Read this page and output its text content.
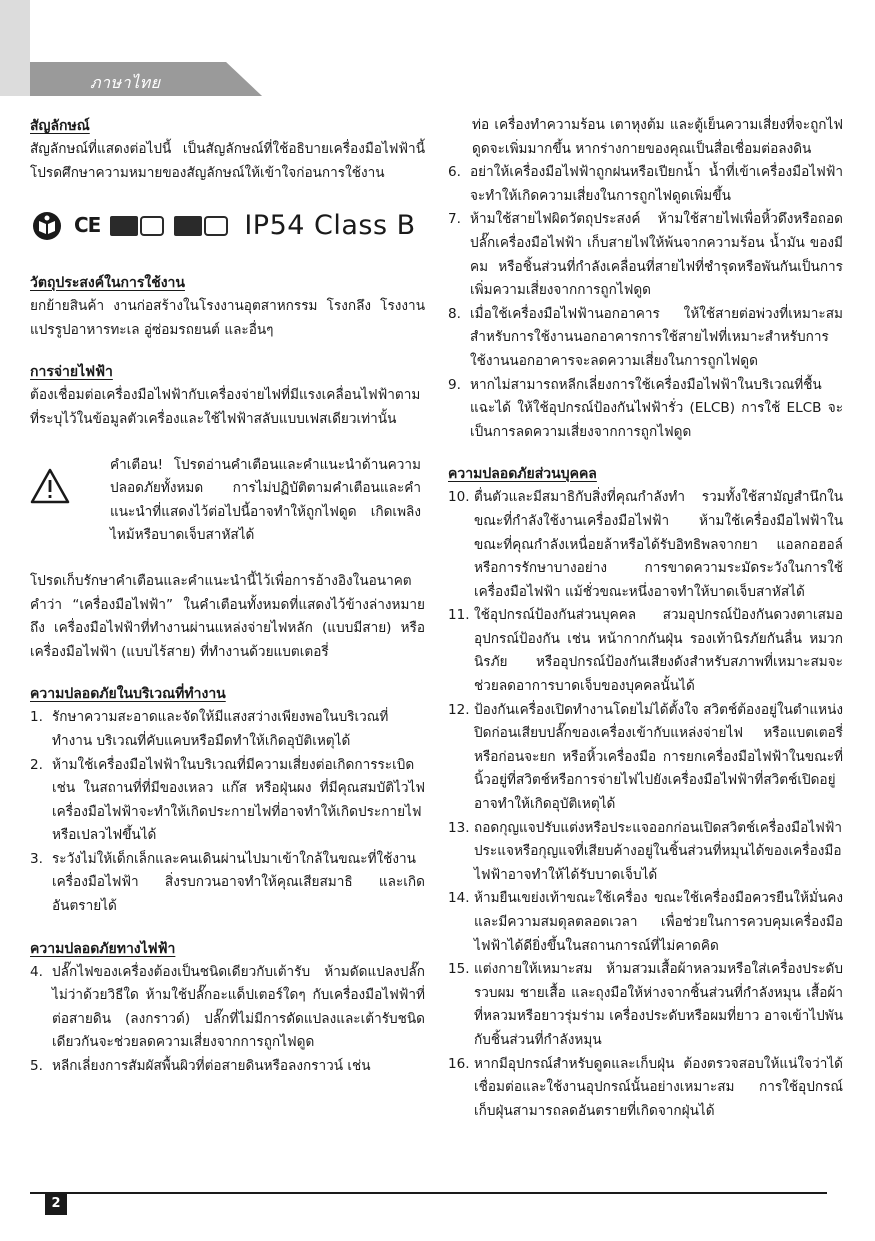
ภาษาไทย
สัญลักษณ์

สัญลักษณ์ที่แสดงต่อไปนี้ เป็นสัญลักษณ์ที่ใช้อธิบายเครื่องมือไฟฟ้านี้ โปรดศึกษาความหมายของสัญลักษณ์ให้เข้าใจก่อนการใช้งาน

CE	IP54 Class B
วัตถุประสงค์ในการใช้งาน

ยกย้ายสินค้า งานก่อสร้างในโรงงานอุตสาหกรรม โรงกลึง โรงงานแปรรูปอาหารทะเล อู่ซ่อมรถยนต์ และอื่นๆ

การจ่ายไฟฟ้า

ต้องเชื่อมต่อเครื่องมือไฟฟ้ากับเครื่องจ่ายไฟที่มีแรงเคลื่อนไฟฟ้าตามที่ระบุไว้ในข้อมูลตัวเครื่องและใช้ไฟฟ้าสลับแบบเฟสเดียวเท่านั้น

คำเตือน! โปรดอ่านคำเตือนและคำแนะนำด้านความปลอดภัยทั้งหมด การไม่ปฏิบัติตามคำเตือนและคำแนะนำที่แสดงไว้ต่อไปนี้อาจทำให้ถูกไฟดูด เกิดเพลิงไหม้หรือบาดเจ็บสาหัสได้

โปรดเก็บรักษาคำเตือนและคำแนะนำนี้ไว้เพื่อการอ้างอิงในอนาคต คำว่า “เครื่องมือไฟฟ้า” ในคำเตือนทั้งหมดที่แสดงไว้ข้างล่างหมายถึง เครื่องมือไฟฟ้าที่ทำงานผ่านแหล่งจ่ายไฟหลัก (แบบมีสาย) หรือเครื่องมือไฟฟ้า (แบบไร้สาย) ที่ทำงานด้วยแบตเตอรี่

ความปลอดภัยในบริเวณที่ทำงาน
1. รักษาความสะอาดและจัดให้มีแสงสว่างเพียงพอในบริเวณที่ทำงาน บริเวณที่คับแคบหรือมืดทำให้เกิดอุบัติเหตุได้
2. ห้ามใช้เครื่องมือไฟฟ้าในบริเวณที่มีความเสี่ยงต่อเกิดการระเบิด เช่น ในสถานที่ที่มีของเหลว แก๊ส หรือฝุ่นผง ที่มีคุณสมบัติไวไฟเครื่องมือไฟฟ้าจะทำให้เกิดประกายไฟที่อาจทำให้เกิดประกายไฟหรือเปลวไฟขึ้นได้
3. ระวังไม่ให้เด็กเล็กและคนเดินผ่านไปมาเข้าใกล้ในขณะที่ใช้งานเครื่องมือไฟฟ้า สิ่งรบกวนอาจทำให้คุณเสียสมาธิ และเกิดอันตรายได้
ความปลอดภัยทางไฟฟ้า
4. ปลั๊กไฟของเครื่องต้องเป็นชนิดเดียวกับเต้ารับ ห้ามดัดแปลงปลั๊กไม่ว่าด้วยวิธีใด ห้ามใช้ปลั๊กอะแด็ปเตอร์ใดๆ กับเครื่องมือไฟฟ้าที่ต่อสายดิน (ลงกราวด์) ปลั๊กที่ไม่มีการดัดแปลงและเต้ารับชนิดเดียวกันจะช่วยลดความเสี่ยงจากการถูกไฟดูด
5. หลีกเลี่ยงการสัมผัสพื้นผิวที่ต่อสายดินหรือลงกราวน์ เช่น

ท่อ เครื่องทำความร้อน เตาหุงต้ม และตู้เย็นความเสี่ยงที่จะถูกไฟดูดจะเพิ่มมากขึ้น หากร่างกายของคุณเป็นสื่อเชื่อมต่อลงดิน

6. อย่าให้เครื่องมือไฟฟ้าถูกฝนหรือเปียกน้ำ น้ำที่เข้าเครื่องมือไฟฟ้า จะทำให้เกิดความเสี่ยงในการถูกไฟดูดเพิ่มขึ้น
7. ห้ามใช้สายไฟผิดวัตถุประสงค์ ห้ามใช้สายไฟเพื่อหิ้วดึงหรือถอดปลั๊กเครื่องมือไฟฟ้า เก็บสายไฟให้พ้นจากความร้อน น้ำมัน ของมีคม หรือชิ้นส่วนที่กำลังเคลื่อนที่สายไฟที่ชำรุดหรือพันกันเป็นการเพิ่มความเสี่ยงจากการถูกไฟดูด
8. เมื่อใช้เครื่องมือไฟฟ้านอกอาคาร ให้ใช้สายต่อพ่วงที่เหมาะสมสำหรับการใช้งานนอกอาคารการใช้สายไฟที่เหมาะสำหรับการใช้งานนอกอาคารจะลดความเสี่ยงในการถูกไฟดูด
9. หากไม่สามารถหลีกเลี่ยงการใช้เครื่องมือไฟฟ้าในบริเวณที่ชื้นแฉะได้ ให้ใช้อุปกรณ์ป้องกันไฟฟ้ารั่ว (ELCB) การใช้ ELCB จะเป็นการลดความเสี่ยงจากการถูกไฟดูด
ความปลอดภัยส่วนบุคคล
10. ตื่นตัวและมีสมาธิกับสิ่งที่คุณกำลังทำ รวมทั้งใช้สามัญสำนึกในขณะที่กำลังใช้งานเครื่องมือไฟฟ้า ห้ามใช้เครื่องมือไฟฟ้าในขณะที่คุณกำลังเหนื่อยล้าหรือได้รับอิทธิพลจากยา แอลกอฮอล์ หรือการรักษาบางอย่าง การขาดความระมัดระวังในการใช้เครื่องมือไฟฟ้า แม้ชั่วขณะหนึ่งอาจทำให้บาดเจ็บสาหัสได้
11. ใช้อุปกรณ์ป้องกันส่วนบุคคล สวมอุปกรณ์ป้องกันดวงตาเสมอ อุปกรณ์ป้องกัน เช่น หน้ากากกันฝุ่น รองเท้านิรภัยกันลื่น หมวกนิรภัย หรืออุปกรณ์ป้องกันเสียงดังสำหรับสภาพที่เหมาะสมจะช่วยลดอาการบาดเจ็บของบุคคลนั้นได้
12. ป้องกันเครื่องเปิดทำงานโดยไม่ได้ตั้งใจ สวิตช์ต้องอยู่ในตำแหน่งปิดก่อนเสียบปลั๊กของเครื่องเข้ากับแหล่งจ่ายไฟ หรือแบตเตอรี่ หรือก่อนจะยก หรือหิ้วเครื่องมือ การยกเครื่องมือไฟฟ้าในขณะที่นิ้วอยู่ที่สวิตช์หรือการจ่ายไฟไปยังเครื่องมือไฟฟ้าที่สวิตช์เปิดอยู่ อาจทำให้เกิดอุบัติเหตุได้
13. ถอดกุญแจปรับแต่งหรือประแจออกก่อนเปิดสวิตช์เครื่องมือไฟฟ้า ประแจหรือกุญแจที่เสียบค้างอยู่ในชิ้นส่วนที่หมุนได้ของเครื่องมือไฟฟ้าอาจทำให้ได้รับบาดเจ็บได้
14. ห้ามยืนเขย่งเท้าขณะใช้เครื่อง ขณะใช้เครื่องมือควรยืนให้มั่นคงและมีความสมดุลตลอดเวลา เพื่อช่วยในการควบคุมเครื่องมือไฟฟ้าได้ดียิ่งขึ้นในสถานการณ์ที่ไม่คาดคิด
15. แต่งกายให้เหมาะสม ห้ามสวมเสื้อผ้าหลวมหรือใส่เครื่องประดับ รวบผม ชายเสื้อ และถุงมือให้ห่างจากชิ้นส่วนที่กำลังหมุน เสื้อผ้าที่หลวมหรือยาวรุ่มร่าม เครื่องประดับหรือผมที่ยาว อาจเข้าไปพันกับชิ้นส่วนที่กำลังหมุน
16. หากมีอุปกรณ์สำหรับดูดและเก็บฝุ่น ต้องตรวจสอบให้แน่ใจว่าได้เชื่อมต่อและใช้งานอุปกรณ์นั้นอย่างเหมาะสม การใช้อุปกรณ์เก็บฝุ่นสามารถลดอันตรายที่เกิดจากฝุ่นได้
2
